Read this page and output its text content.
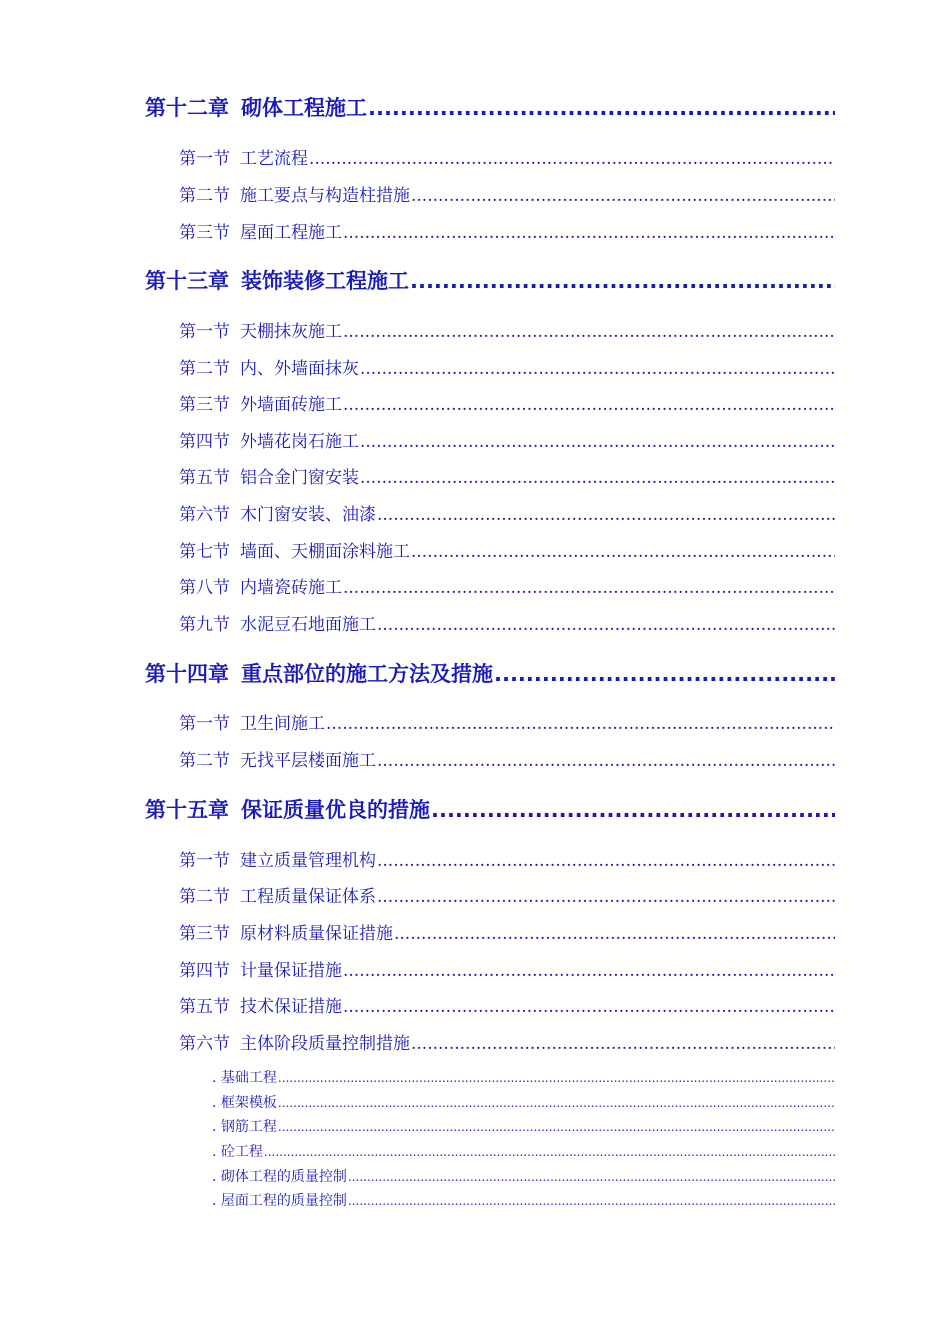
第十二章 砌体工程施工
.....
第一节 工艺流程
.....
第二节 施工要点与构造柱措施
.....
第三节 屋面工程施工
.....
第十三章 装饰装修工程施工
.....
第一节 天棚抹灰施工
.....
第二节 内、外墙面抹灰
.....
第三节 外墙面砖施工
.....
第四节 外墙花岗石施工
.....
第五节 铝合金门窗安装
.....
第六节 木门窗安装、油漆
.....
第七节 墙面、天棚面涂料施工
.....
第八节 内墙瓷砖施工
.....
第九节 水泥豆石地面施工
.....
第十四章 重点部位的施工方法及措施
.....
第一节 卫生间施工
.....
第二节 无找平层楼面施工
.....
第十五章 保证质量优良的措施
.....
第一节 建立质量管理机构
.....
第二节 工程质量保证体系
.....
第三节 原材料质量保证措施
.....
第四节 计量保证措施
.....
第五节 技术保证措施
.....
第六节 主体阶段质量控制措施
.....
. 基础工程
.....
. 框架模板
.....
. 钢筋工程
.....
. 砼工程
.....
. 砌体工程的质量控制
.....
. 屋面工程的质量控制
.....
